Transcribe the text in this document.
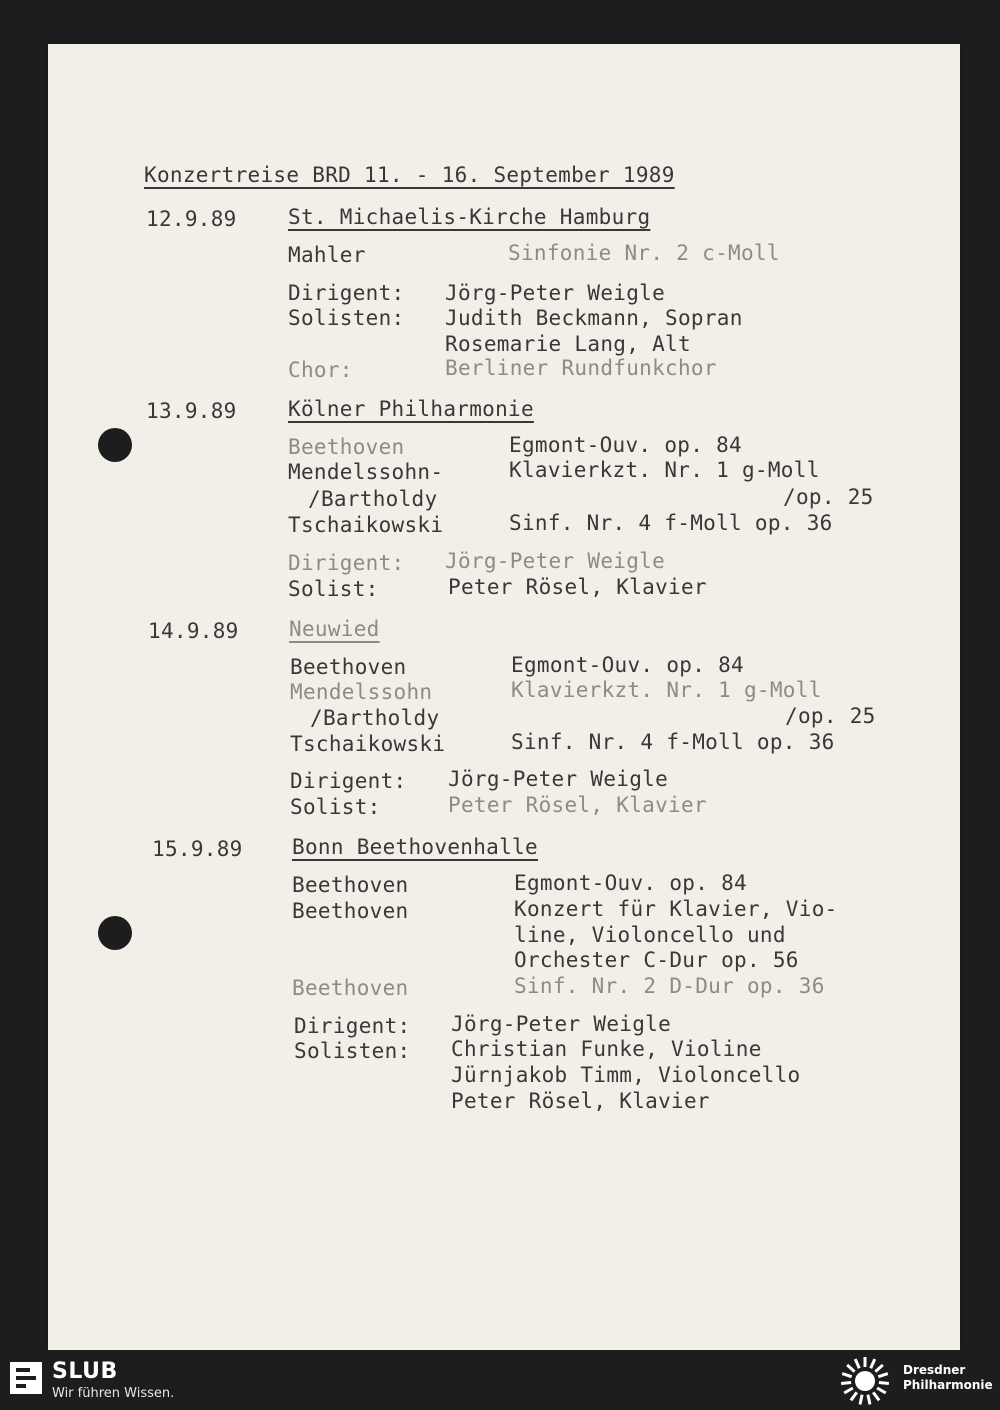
Konzertreise BRD 11. - 16. September 1989
12.9.89 St. Michaelis-Kirche Hamburg
Mahler	Sinfonie Nr. 2 c-Moll
Dirigent: Jörg-Peter Weigle
Solisten: Judith Beckmann, Sopran
Rosemarie Lang, Alt
Chor:	Berliner Rundfunkchor
13.9.89 Kölner Philharmonie
Beethoven	Egmont-Ouv. op. 84
Mendelssohn-	Klavierkzt. Nr. 1 g-Moll
/Bartholdy	/op. 25
Tschaikowski	Sinf. Nr. 4 f-Moll op. 36
Dirigent: Jörg-Peter Weigle
Solist:	Peter Rösel, Klavier
14.9.89 Neuwied
Beethoven	Egmont-Ouv. op. 84
Mendelssohn	Klavierkzt. Nr. 1 g-Moll
/Bartholdy	/op. 25
Tschaikowski	Sinf. Nr. 4 f-Moll op. 36
Dirigent: Jörg-Peter Weigle
Solist:	Peter Rösel, Klavier
15.9.89 Bonn Beethovenhalle
Beethoven	Egmont-Ouv. op. 84
Beethoven	Konzert für Klavier, Vio-
line, Violoncello und
Orchester C-Dur op. 56
Beethoven	Sinf. Nr. 2 D-Dur op. 36
Dirigent: Jörg-Peter Weigle
Solisten: Christian Funke, Violine
Jürnjakob Timm, Violoncello
Peter Rösel, Klavier
SLUB
Wir führen Wissen.
Dresdner
Philharmonie
